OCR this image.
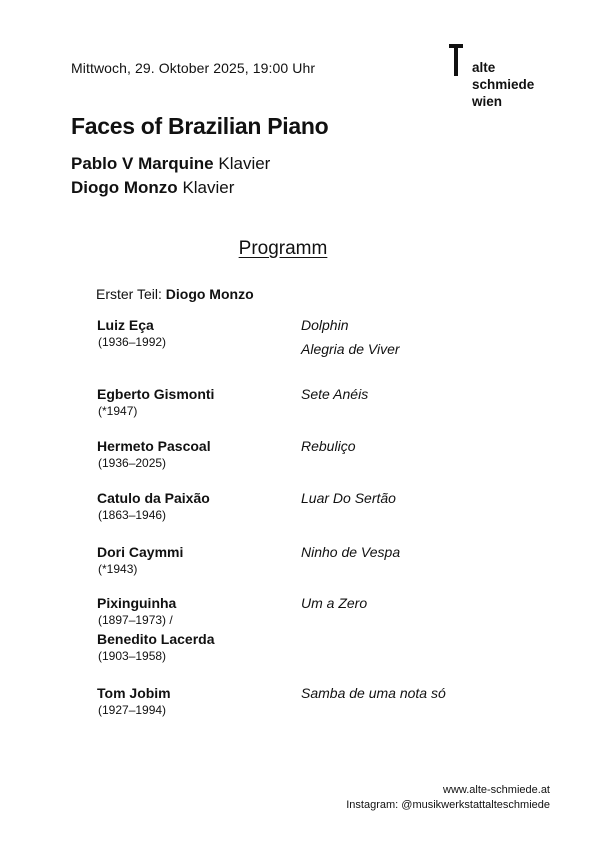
Mittwoch, 29. Oktober 2025, 19:00 Uhr	alte
schmiede
wien
Faces of Brazilian Piano
Pablo V Marquine Klavier
Diogo Monzo Klavier
Programm
Erster Teil: Diogo Monzo
Luiz Eça
(1936–1992)
Dolphin
Alegria de Viver
Egberto Gismonti
(*1947)
Sete Anéis
Hermeto Pascoal
(1936–2025)
Rebuliço
Catulo da Paixão
(1863–1946)
Luar Do Sertão
Dori Caymmi
(*1943)
Ninho de Vespa
Pixinguinha
(1897–1973) /
Benedito Lacerda
(1903–1958)
Um a Zero
Tom Jobim
(1927–1994)
Samba de uma nota só
www.alte-schmiede.at
Instagram: @musikwerkstattalteschmiede
